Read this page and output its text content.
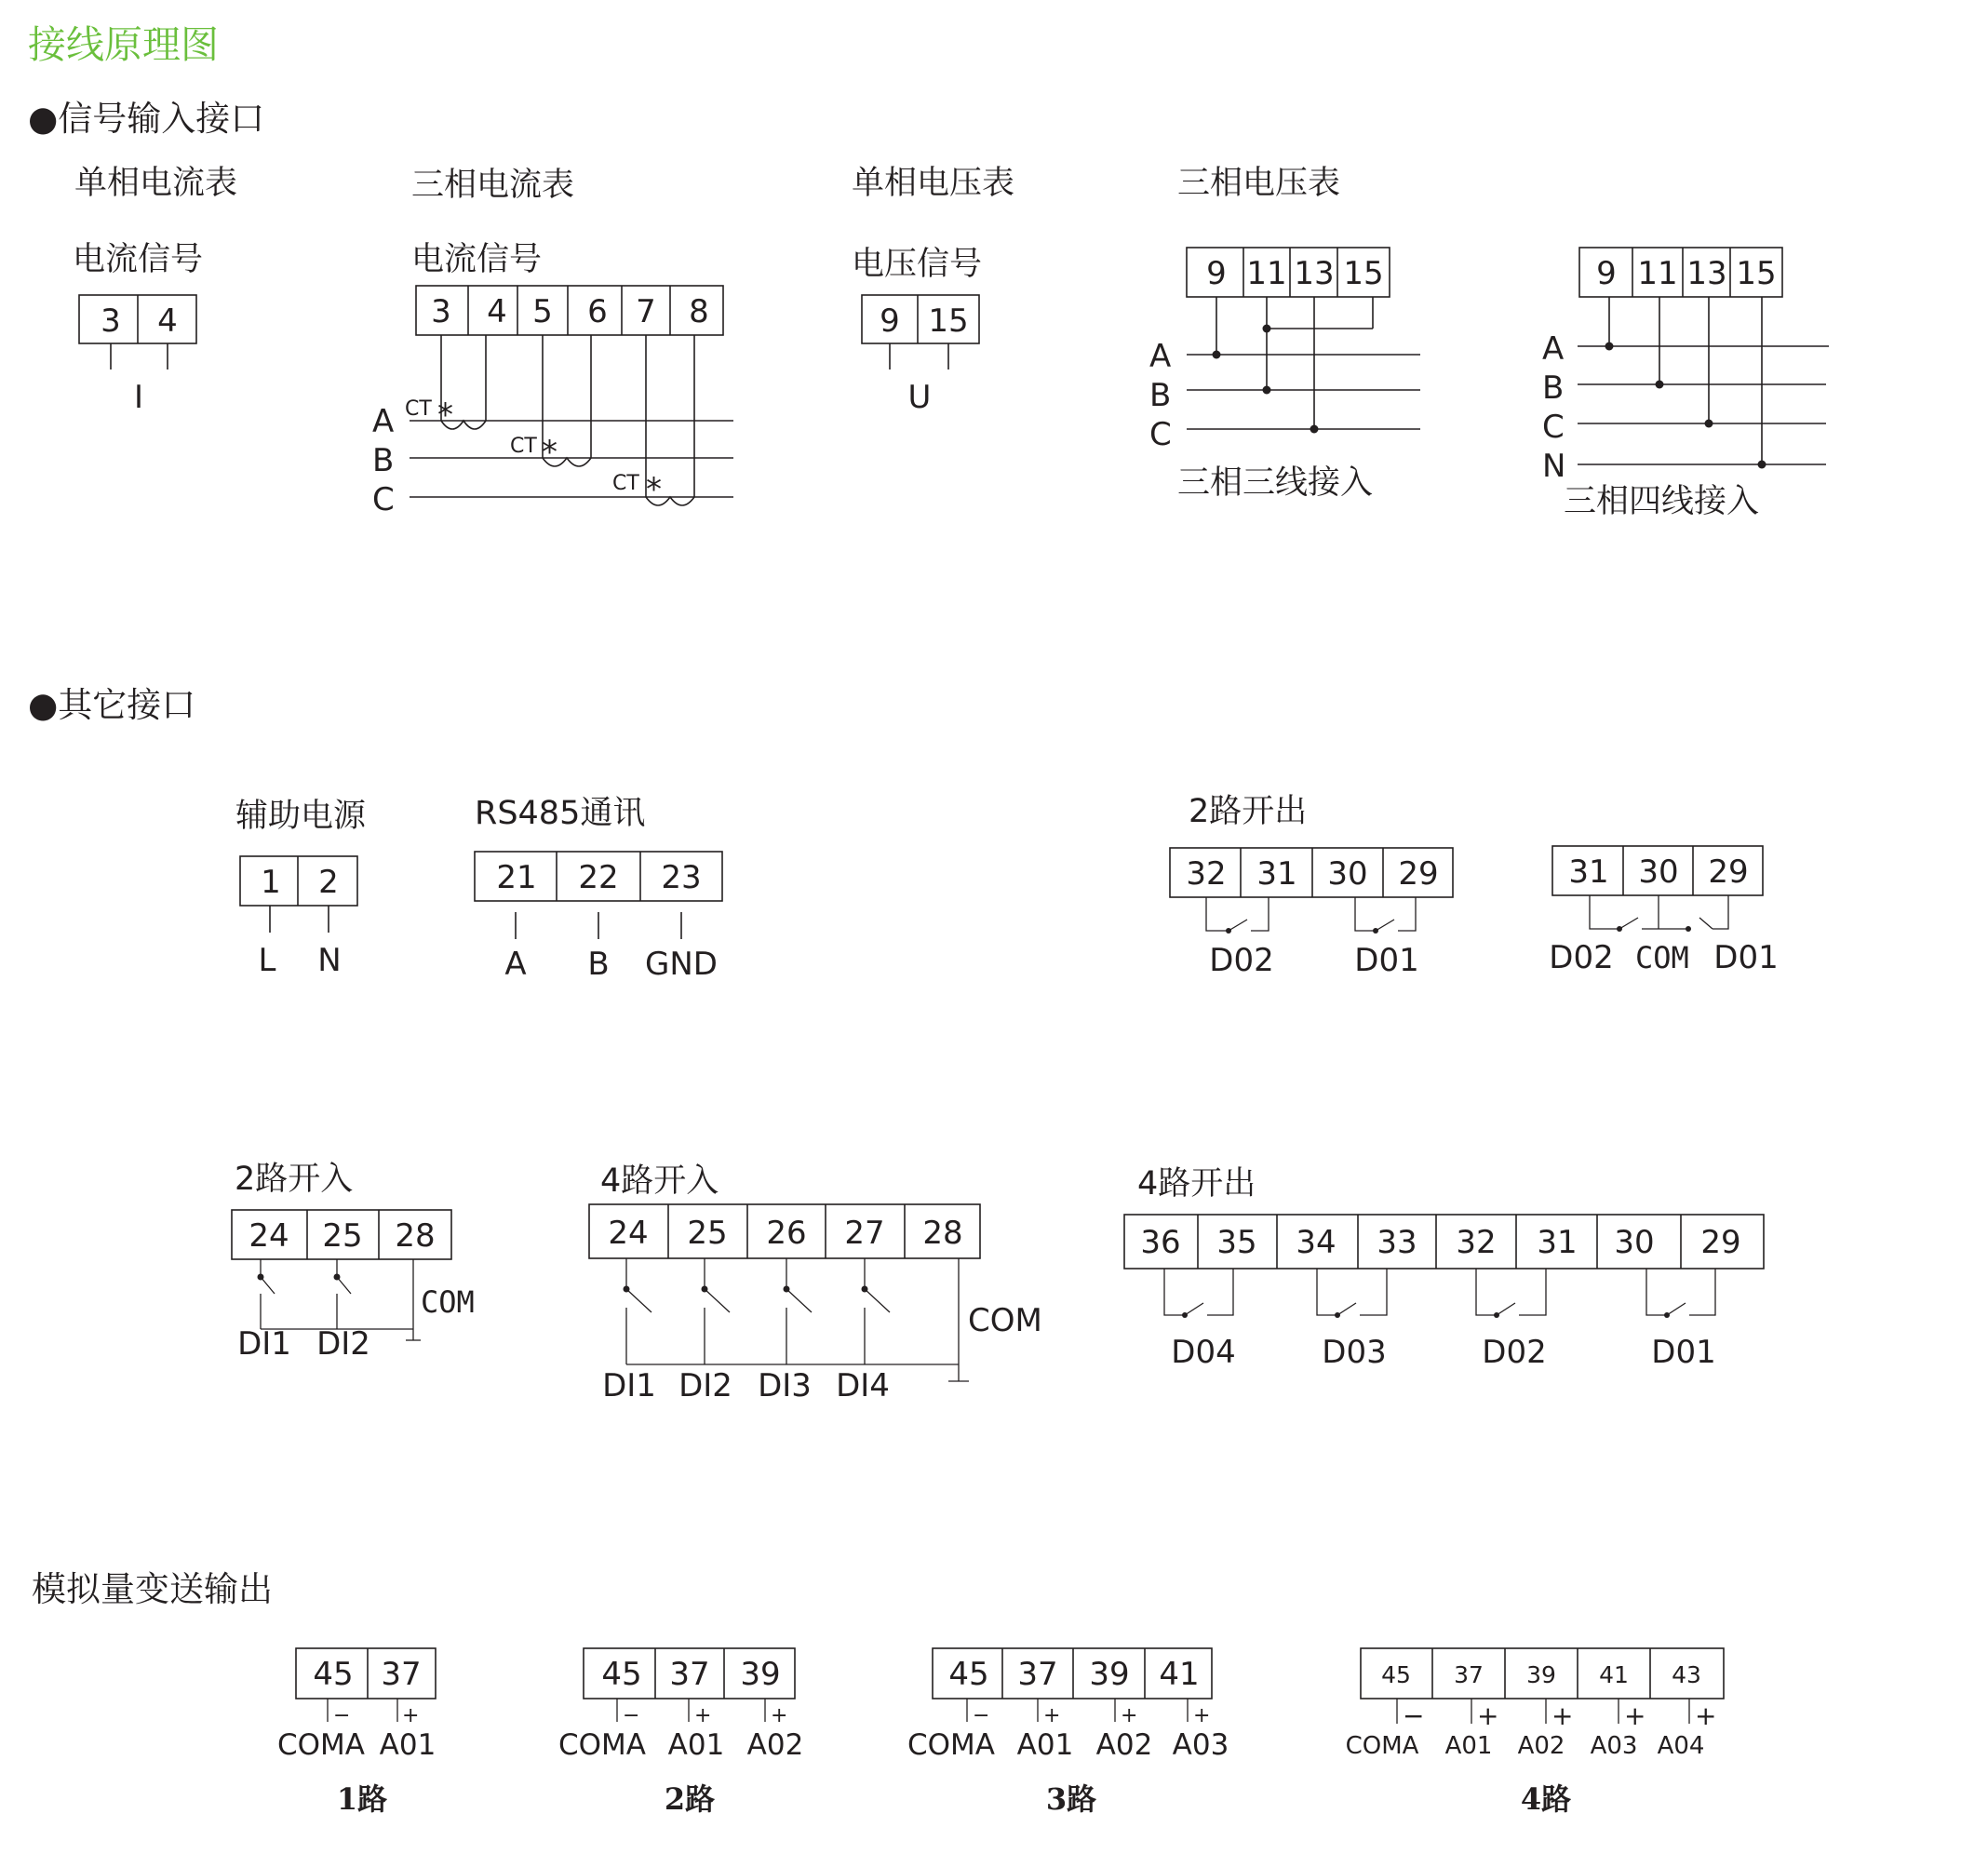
接线原理图
●信号输入接口
●其它接口
模拟量变送输出
单相电流表
电流信号
3 4
I
三相电流表
电流信号
3 4 5 6 7 8
A
B
C
CT *
CT *
CT *
单相电压表
电压信号
9 15
U
三相电压表
9 11 13 15
A
B
C
三相三线接入
9 11 13 15
A
B
C
N
三相四线接入
辅助电源
1 2
L N
RS485通讯
21 22 23
A B GND
2路开出
32 31 30 29
D02	D01
31 30 29
D02 COM D01
2路开入
24 25 28
COM
DI1 DI2
4路开入
24 25 26 27 28
COM
DI1 DI2 DI3 DI4
4路开出
36 35 34 33 32 31 30 29
D04	D03	D02	D01
45 37
−	+
COMA A01
1路
45 37 39
−	+	+
COMA A01 A02
2路
45 37 39 41
−	+	+	+
COMA A01 A02 A03
3路
45 37 39 41 43
− + + + +
COMA A01 A02 A03 A04
4路
